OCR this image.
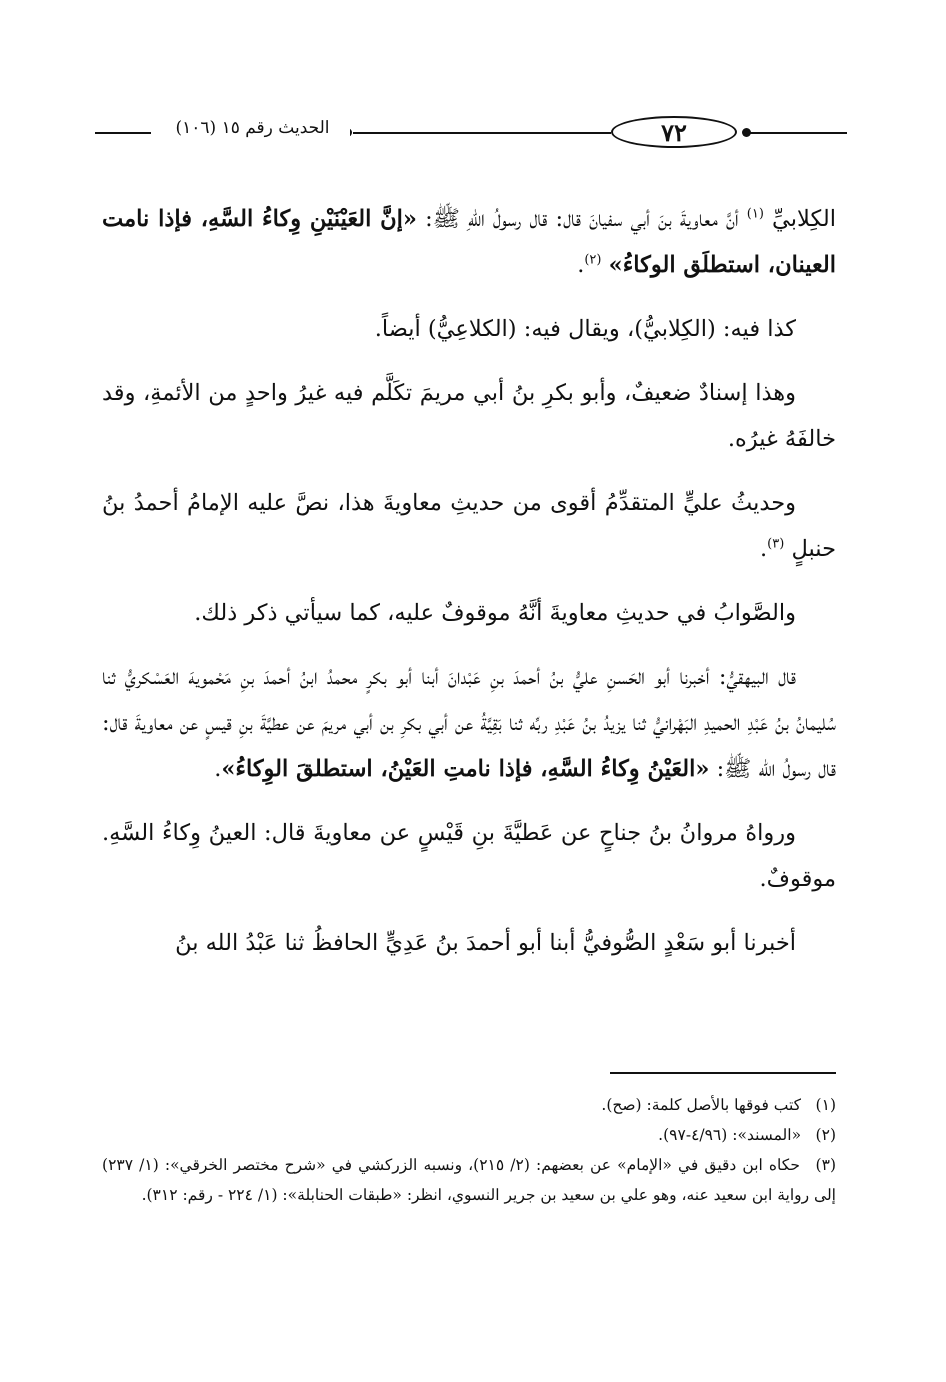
٧٢
الحديث رقم ١٥ (١٠٦)

الكِلابيِّ $^{(١)}$ أنَّ معاويةَ بنَ أبي سفيانَ قال: قال رسولُ اللهِ ﷺ: «إنَّ العَيْنَيْنِ وِكاءُ السَّهِ، فإذا نامت العينان، استطلَق الوكاءُ» $^{(٢)}$.

كذا فيه: (الكِلابيُّ)، ويقال فيه: (الكلاعِيُّ) أيضاً.

وهذا إسنادٌ ضعيفٌ، وأبو بكرِ بنُ أبي مريمَ تكَلَّم فيه غيرُ واحدٍ من الأئمةِ، وقد خالفَهُ غيرُه.

وحديثُ عليٍّ المتقدِّمُ أقوى من حديثِ معاويةَ هذا، نصَّ عليه الإمامُ أحمدُ بنُ حنبلٍ $^{(٣)}$.

والصَّوابُ في حديثِ معاويةَ أنَّهُ موقوفٌ عليه، كما سيأتي ذكر ذلك.

قال البيهقيُّ: أخبرنا أبو الحَسنِ عليُّ بنُ أحمدَ بنِ عَبْدانَ أبنا أبو بكرٍ محمدُ ابنُ أحمدَ بنِ مَحْمويهَ العَسْكريُّ ثنا سُليمانُ بنُ عَبْدِ الحميدِ البَهْرانيُّ ثنا يزيدُ بنُ عَبْدِ ربِّه ثنا بَقِيَّةُ عن أبي بكرِ بن أبي مريمَ عن عطيَّةَ بنِ قيسٍ عن معاويةَ قال: قال رسولُ الله ﷺ: «العَيْنُ وِكاءُ السَّهِ، فإذا نامتِ العَيْنُ، استطلقَ الوِكاءُ».

ورواهُ مروانُ بنُ جناحٍ عن عَطيَّةَ بنِ قَيْسٍ عن معاويةَ قال: العينُ وِكاءُ السَّهِ. موقوفٌ.

أخبرنا أبو سَعْدٍ الصُّوفيُّ أبنا أبو أحمدَ بنُ عَدِيٍّ الحافظُ ثنا عَبْدُ الله بنُ

(١) كتب فوقها بالأصل كلمة: (صح).

(٢) «المسند»: (٤/٩٦-٩٧).

(٣) حكاه ابن دقيق في «الإمام» عن بعضهم: (٢/ ٢١٥)، ونسبه الزركشي في «شرح مختصر الخرقي»: (١/ ٢٣٧) إلى رواية ابن سعيد عنه، وهو علي بن سعيد بن جرير النسوي، انظر: «طبقات الحنابلة»: (١/ ٢٢٤ - رقم: ٣١٢).
